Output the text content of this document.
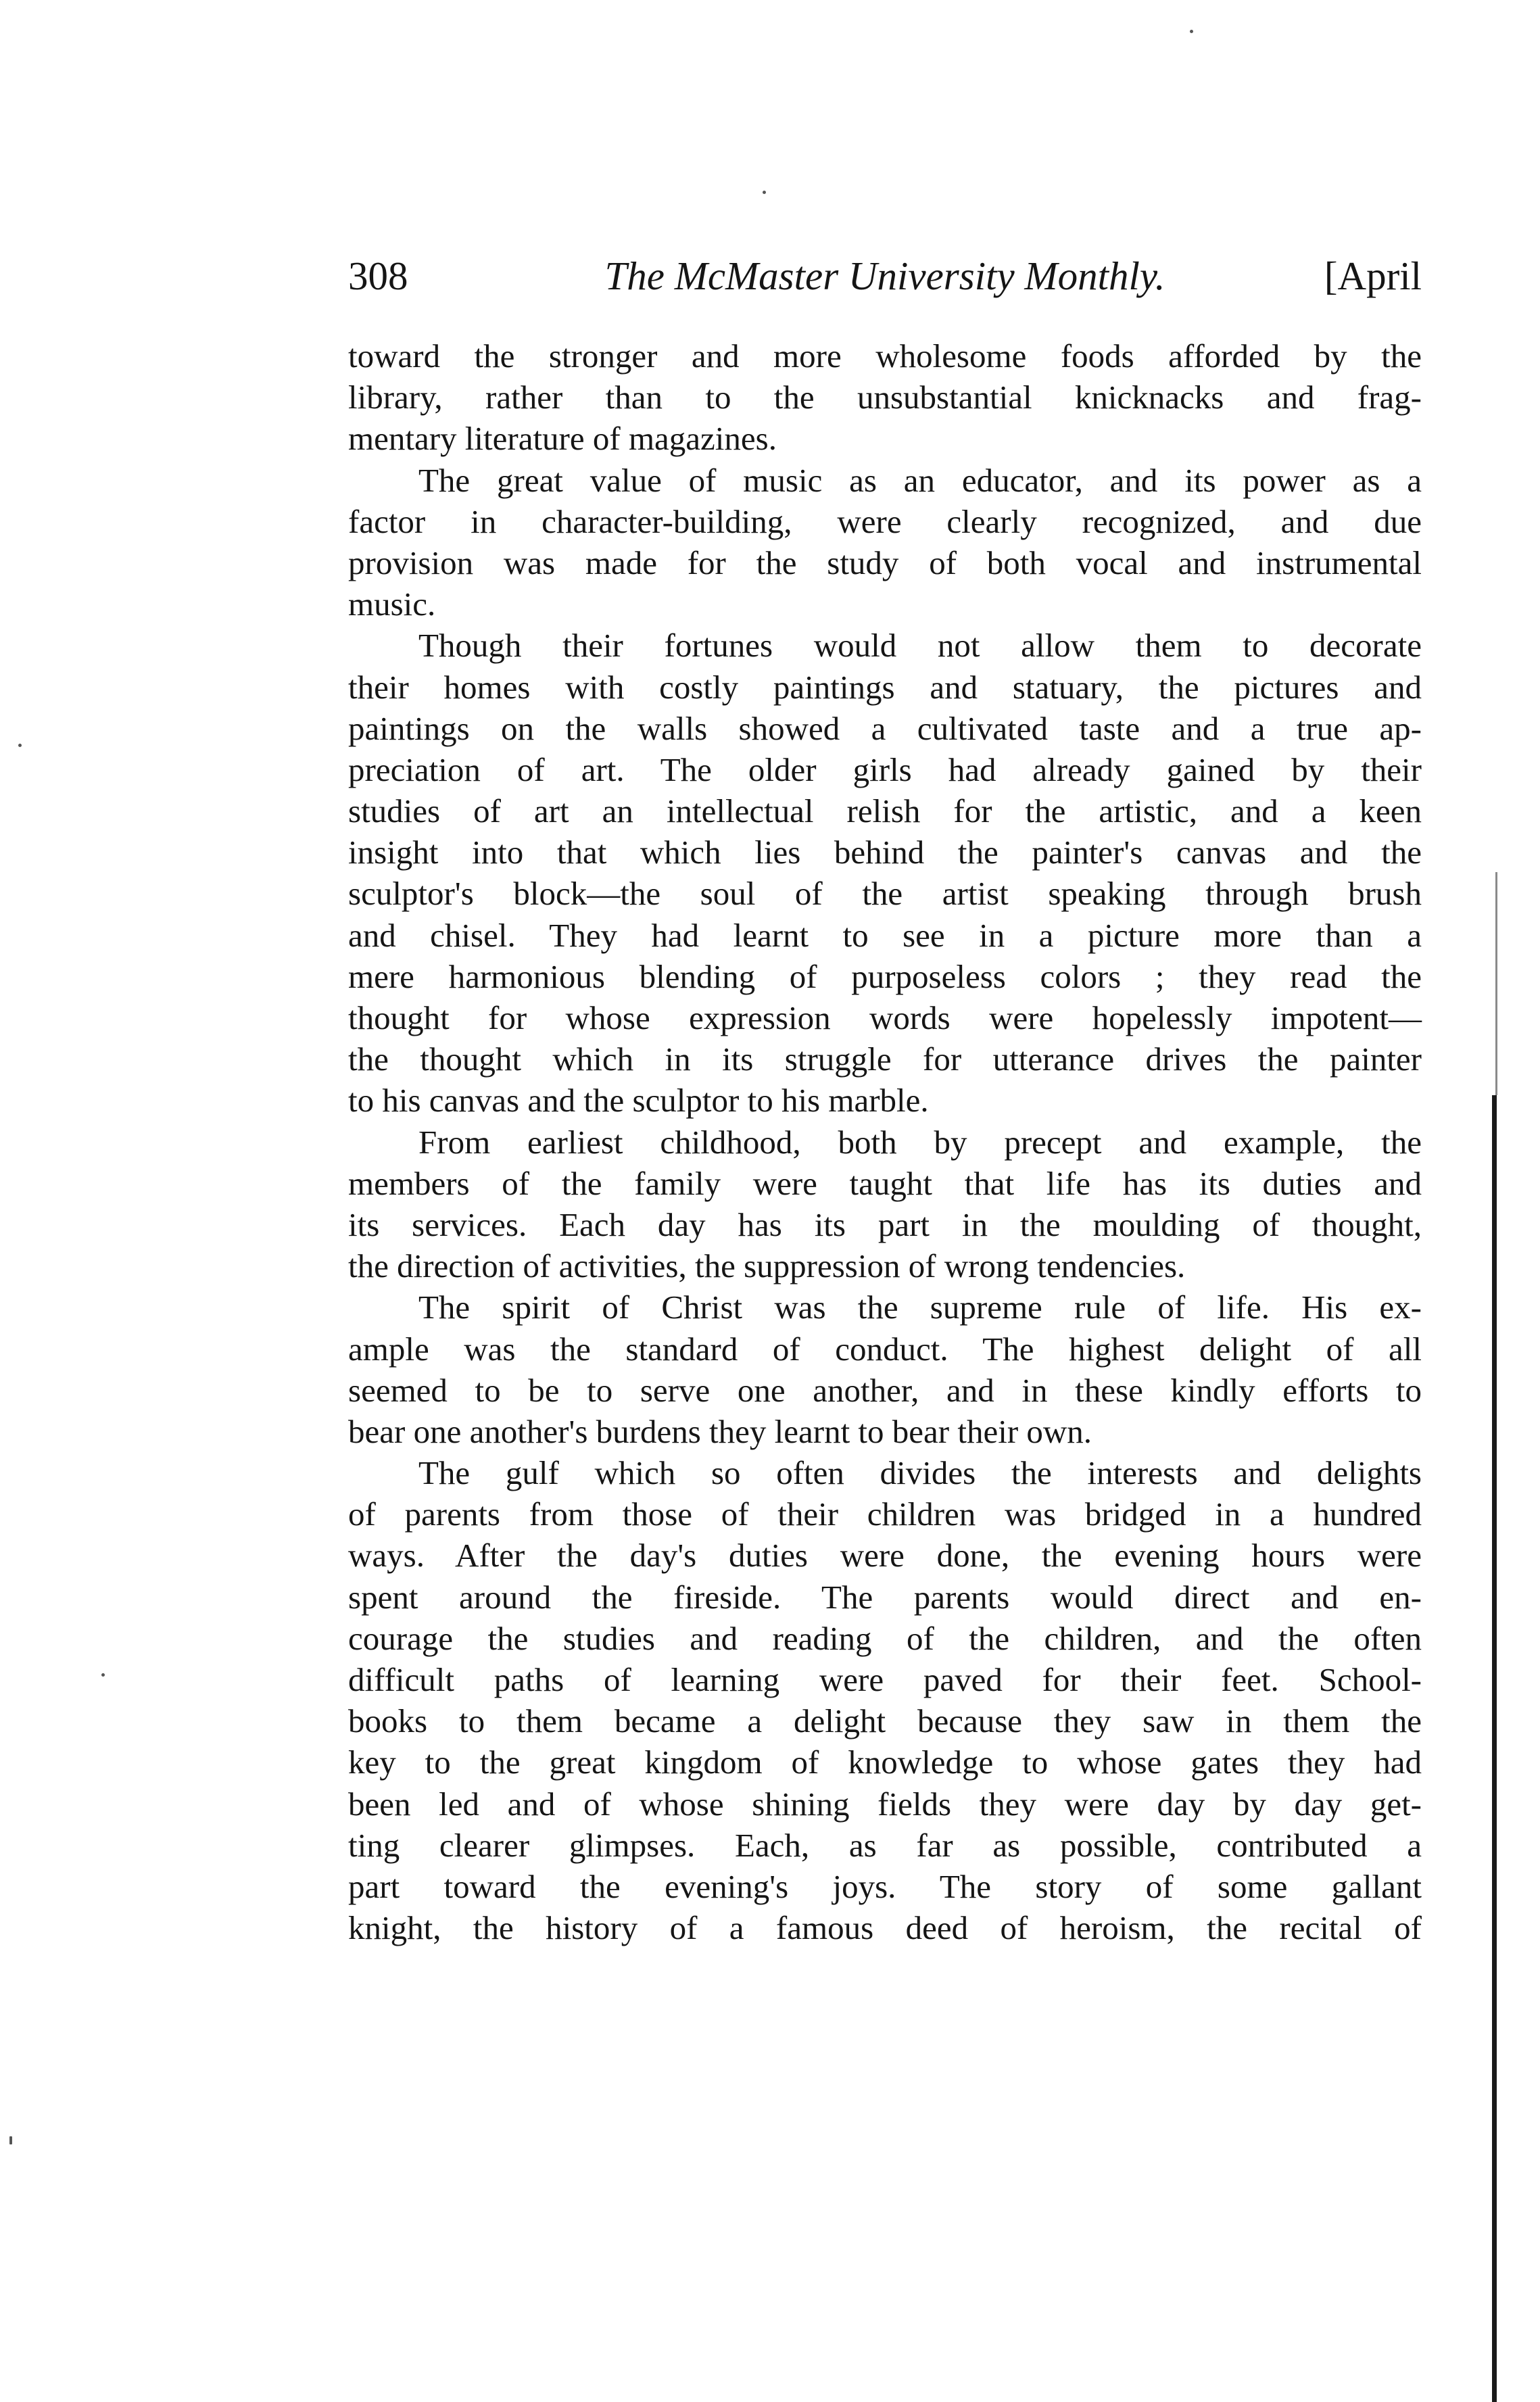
308	The McMaster University Monthly.	[April
toward the stronger and more wholesome foods afforded by the
library, rather than to the unsubstantial knicknacks and frag-
mentary literature of magazines.
The great value of music as an educator, and its power as a
factor in character-building, were clearly recognized, and due
provision was made for the study of both vocal and instrumental
music.
Though their fortunes would not allow them to decorate
their homes with costly paintings and statuary, the pictures and
paintings on the walls showed a cultivated taste and a true ap-
preciation of art. The older girls had already gained by their
studies of art an intellectual relish for the artistic, and a keen
insight into that which lies behind the painter's canvas and the
sculptor's block—the soul of the artist speaking through brush
and chisel. They had learnt to see in a picture more than a
mere harmonious blending of purposeless colors ; they read the
thought for whose expression words were hopelessly impotent—
the thought which in its struggle for utterance drives the painter
to his canvas and the sculptor to his marble.
From earliest childhood, both by precept and example, the
members of the family were taught that life has its duties and
its services. Each day has its part in the moulding of thought,
the direction of activities, the suppression of wrong tendencies.
The spirit of Christ was the supreme rule of life. His ex-
ample was the standard of conduct. The highest delight of all
seemed to be to serve one another, and in these kindly efforts to
bear one another's burdens they learnt to bear their own.
The gulf which so often divides the interests and delights
of parents from those of their children was bridged in a hundred
ways. After the day's duties were done, the evening hours were
spent around the fireside. The parents would direct and en-
courage the studies and reading of the children, and the often
difficult paths of learning were paved for their feet. School-
books to them became a delight because they saw in them the
key to the great kingdom of knowledge to whose gates they had
been led and of whose shining fields they were day by day get-
ting clearer glimpses. Each, as far as possible, contributed a
part toward the evening's joys. The story of some gallant
knight, the history of a famous deed of heroism, the recital of
